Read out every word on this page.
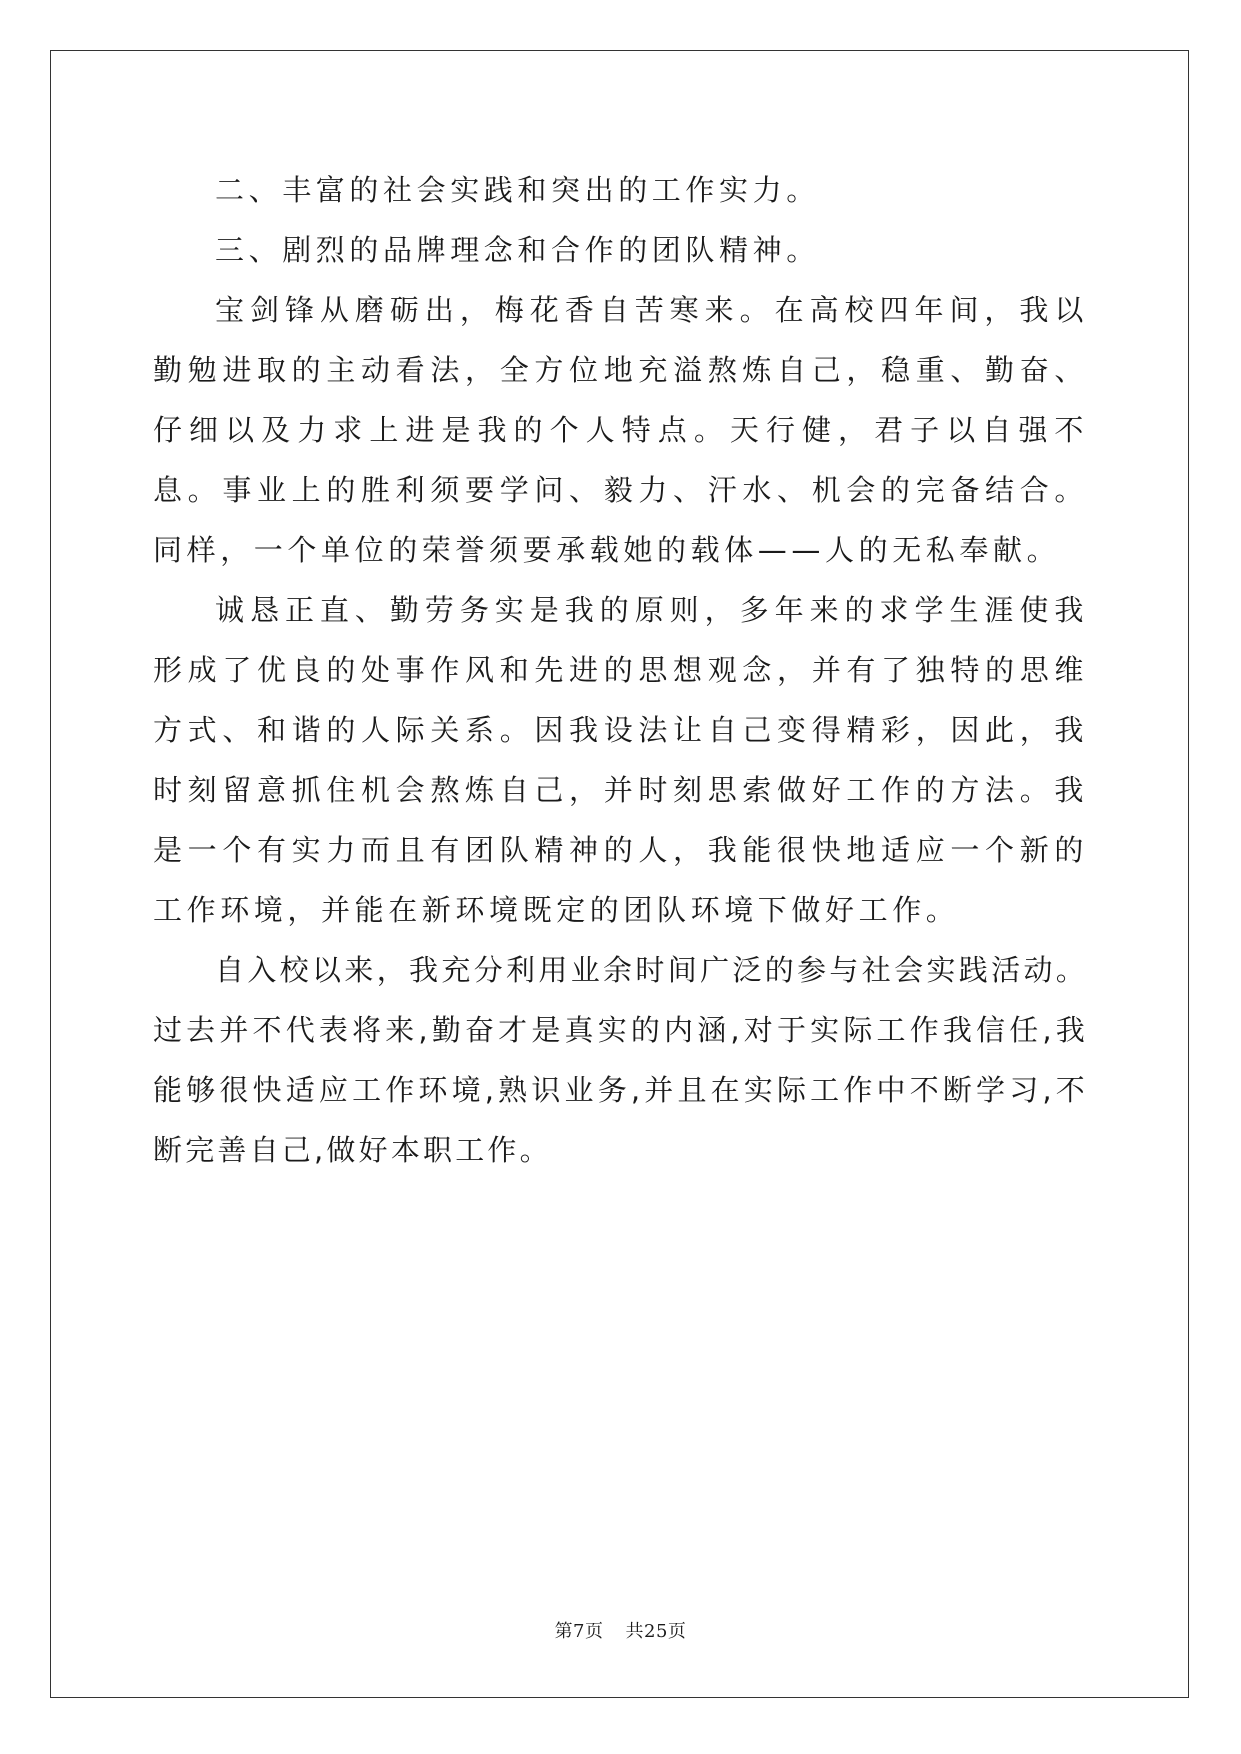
二、丰富的社会实践和突出的工作实力。

三、剧烈的品牌理念和合作的团队精神。

宝剑锋从磨砺出，梅花香自苦寒来。在高校四年间，我以勤勉进取的主动看法，全方位地充溢熬炼自己，稳重、勤奋、仔细以及力求上进是我的个人特点。天行健，君子以自强不息。事业上的胜利须要学问、毅力、汗水、机会的完备结合。同样，一个单位的荣誉须要承载她的载体——人的无私奉献。

诚恳正直、勤劳务实是我的原则，多年来的求学生涯使我形成了优良的处事作风和先进的思想观念，并有了独特的思维方式、和谐的人际关系。因我设法让自己变得精彩，因此，我时刻留意抓住机会熬炼自己，并时刻思索做好工作的方法。我是一个有实力而且有团队精神的人，我能很快地适应一个新的工作环境，并能在新环境既定的团队环境下做好工作。

自入校以来，我充分利用业余时间广泛的参与社会实践活动。过去并不代表将来,勤奋才是真实的内涵,对于实际工作我信任,我能够很快适应工作环境,熟识业务,并且在实际工作中不断学习,不断完善自己,做好本职工作。

第7页 共25页
